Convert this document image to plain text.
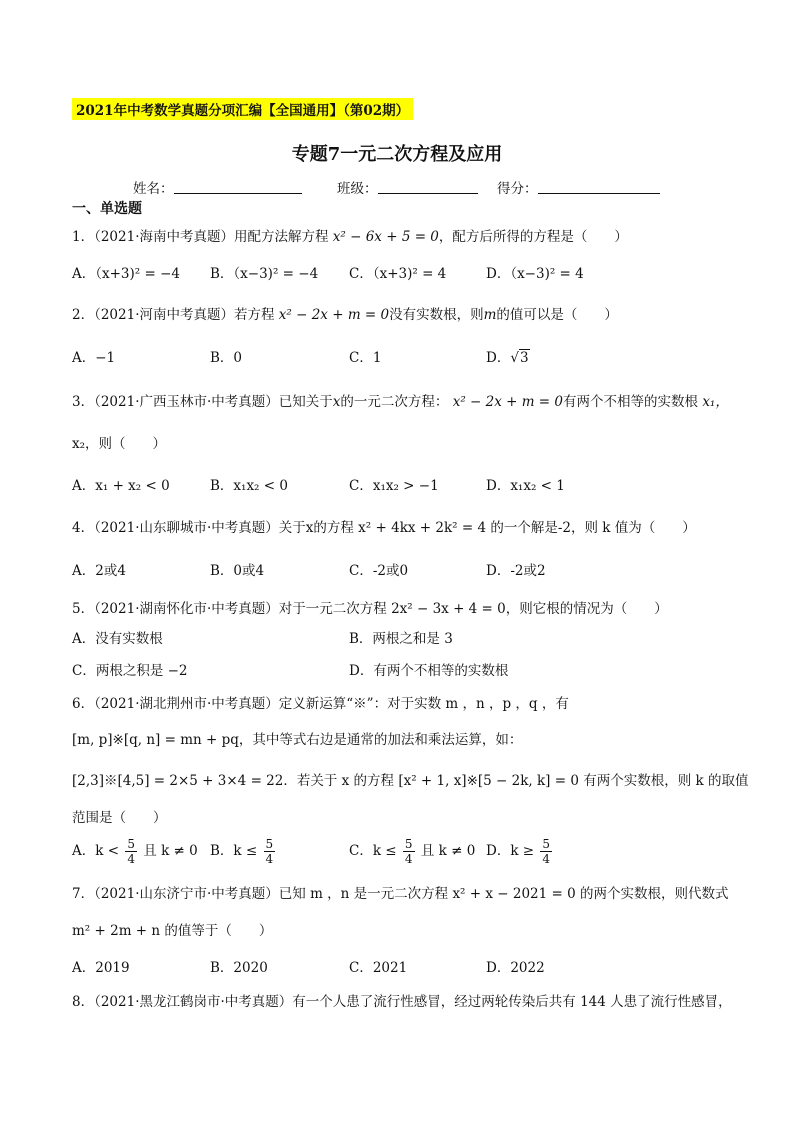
2021年中考数学真题分项汇编【全国通用】（第02期）
专题7一元二次方程及应用
姓名：	班级：	得分：
一、单选题
1．（2021·海南中考真题）用配方法解方程 x² − 6x + 5 = 0，配方后所得的方程是（　　）
A．（x+3)² = −4 B．（x−3)² = −4 C．（x+3)² = 4	D．（x−3)² = 4
2．（2021·河南中考真题）若方程 x² − 2x + m = 0没有实数根，则m的值可以是（　　）
A．−1	B．0	C．1	D．√3
3．（2021·广西玉林市·中考真题）已知关于x的一元二次方程： x² − 2x + m = 0有两个不相等的实数根 x₁，
x₂，则（　　）
A．x₁ + x₂ < 0	B．x₁x₂ < 0	C．x₁x₂ > −1	D．x₁x₂ < 1
4．（2021·山东聊城市·中考真题）关于x的方程 x² + 4kx + 2k² = 4 的一个解是-2，则 k 值为（　　）
A．2或4	B．0或4	C．-2或0	D．-2或2
5．（2021·湖南怀化市·中考真题）对于一元二次方程 2x² − 3x + 4 = 0，则它根的情况为（　　）
A．没有实数根	B．两根之和是 3
C．两根之积是 −2	D．有两个不相等的实数根
6．（2021·湖北荆州市·中考真题）定义新运算“※”：对于实数 m ，n ，p ，q ，有
[m, p]※[q, n] = mn + pq，其中等式右边是通常的加法和乘法运算，如：
[2,3]※[4,5] = 2×5 + 3×4 = 22．若关于 x 的方程 [x² + 1, x]※[5 − 2k, k] = 0 有两个实数根，则 k 的取值
范围是（　　）
A．$k < \frac{5}{4}$ 且 k ≠ 0 B．$k \le \frac{5}{4}$	C．$k \le \frac{5}{4}$ 且 k ≠ 0 D．$k \ge \frac{5}{4}$
7．（2021·山东济宁市·中考真题）已知 m ，n 是一元二次方程 x² + x − 2021 = 0 的两个实数根，则代数式
m² + 2m + n 的值等于（　　）
A．2019	B．2020	C．2021	D．2022
8．（2021·黑龙江鹤岗市·中考真题）有一个人患了流行性感冒，经过两轮传染后共有 144 人患了流行性感冒，
